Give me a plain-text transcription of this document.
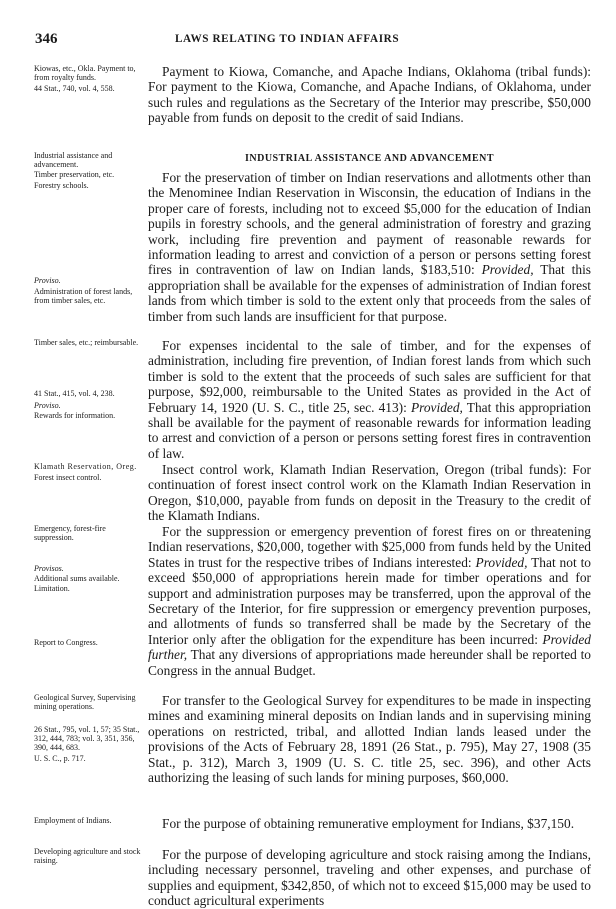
346	LAWS RELATING TO INDIAN AFFAIRS
Kiowas, etc., Okla. Payment to, from royalty funds.
44 Stat., 740, vol. 4, 558.

Payment to Kiowa, Comanche, and Apache Indians, Oklahoma (tribal funds): For payment to the Kiowa, Comanche, and Apache Indians, of Oklahoma, under such rules and regulations as the Secretary of the Interior may prescribe, $50,000 payable from funds on deposit to the credit of said Indians.

Industrial assistance and advancement.
INDUSTRIAL ASSISTANCE AND ADVANCEMENT
Timber preservation, etc.
Forestry schools.
Proviso.
Administration of forest lands, from timber sales, etc.

For the preservation of timber on Indian reservations and allotments other than the Menominee Indian Reservation in Wisconsin, the education of Indians in the proper care of forests, including not to exceed $5,000 for the education of Indian pupils in forestry schools, and the general administration of forestry and grazing work, including fire prevention and payment of reasonable rewards for information leading to arrest and conviction of a person or persons setting forest fires in contravention of law on Indian lands, $183,510: Provided, That this appropriation shall be available for the expenses of administration of Indian forest lands from which timber is sold to the extent only that proceeds from the sales of timber from such lands are insufficient for that purpose.

Timber sales, etc.; reimbursable.
41 Stat., 415, vol. 4, 238.
Proviso.
Rewards for information.

For expenses incidental to the sale of timber, and for the expenses of administration, including fire prevention, of Indian forest lands from which such timber is sold to the extent that the proceeds of such sales are sufficient for that purpose, $92,000, reimbursable to the United States as provided in the Act of February 14, 1920 (U. S. C., title 25, sec. 413): Provided, That this appropriation shall be available for the payment of reasonable rewards for information leading to arrest and conviction of a person or persons setting forest fires in contravention of law.

Klamath Reservation, Oreg.
Forest insect control.

Insect control work, Klamath Indian Reservation, Oregon (tribal funds): For continuation of forest insect control work on the Klamath Indian Reservation in Oregon, $10,000, payable from funds on deposit in the Treasury to the credit of the Klamath Indians.

Emergency, forest-fire suppression.
Provisos.
Additional sums available.
Limitation.
Report to Congress.

For the suppression or emergency prevention of forest fires on or threatening Indian reservations, $20,000, together with $25,000 from funds held by the United States in trust for the respective tribes of Indians interested: Provided, That not to exceed $50,000 of appropriations herein made for timber operations and for support and administration purposes may be transferred, upon the approval of the Secretary of the Interior, for fire suppression or emergency prevention purposes, and allotments of funds so transferred shall be made by the Secretary of the Interior only after the obligation for the expenditure has been incurred: Provided further, That any diversions of appropriations made hereunder shall be reported to Congress in the annual Budget.

Geological Survey, Supervising mining operations.
26 Stat., 795, vol. 1, 57; 35 Stat., 312, 444, 783; vol. 3, 351, 356, 390, 444, 683.
U. S. C., p. 717.

For transfer to the Geological Survey for expenditures to be made in inspecting mines and examining mineral deposits on Indian lands and in supervising mining operations on restricted, tribal, and allotted Indian lands leased under the provisions of the Acts of February 28, 1891 (26 Stat., p. 795), May 27, 1908 (35 Stat., p. 312), March 3, 1909 (U. S. C. title 25, sec. 396), and other Acts authorizing the leasing of such lands for mining purposes, $60,000.

Employment of Indians.	For the purpose of obtaining remunerative employment for Indians, $37,150.

Developing agriculture and stock raising.	For the purpose of developing agriculture and stock raising among the Indians, including necessary personnel, traveling and other expenses, and purchase of supplies and equipment, $342,850, of which not to exceed $15,000 may be used to conduct agricultural experiments
